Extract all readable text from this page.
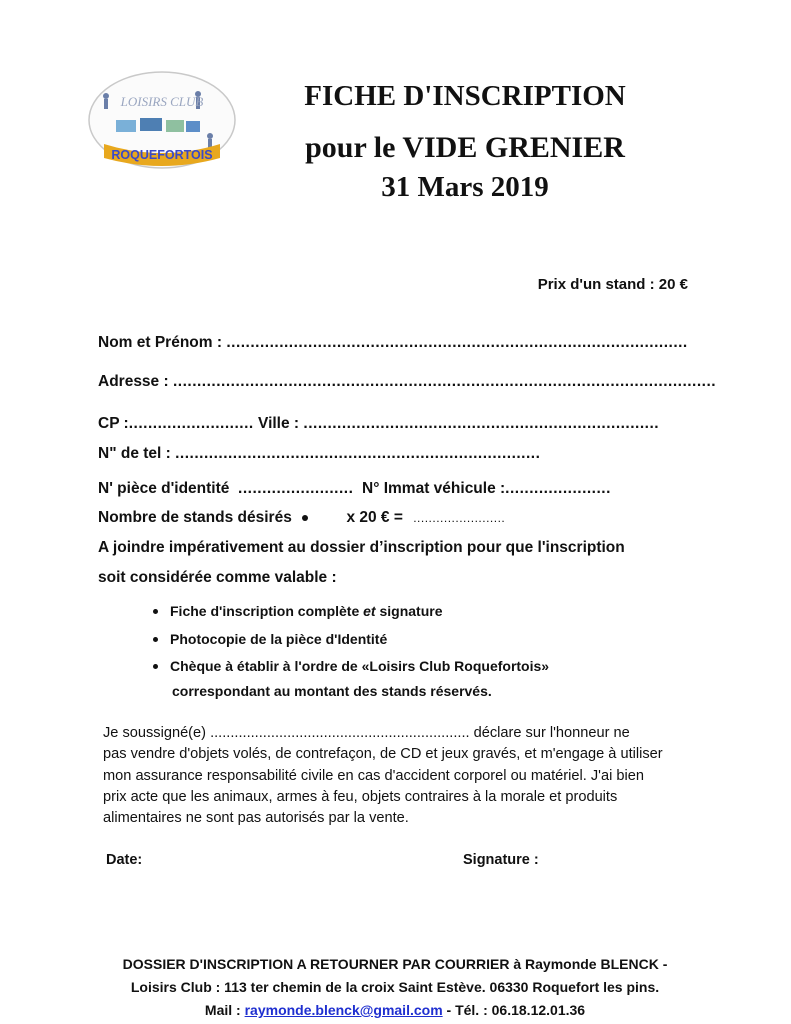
LOISIRS CLUB
ROQUEFORTOIS
FICHE D'INSCRIPTION
pour le VIDE GRENIER
31 Mars 2019
Prix d'un stand : 20 €
Nom et Prénom : ................................................................................................
Adresse : .................................................................................................................
CP :.......................... Ville : ..........................................................................
N" de tel : ............................................................................
N' pièce d'identité ........................ N° Immat véhicule :......................
Nombre de stands désirés	x 20 € = ........................
A joindre impérativement au dossier d’inscription pour que l'inscription
soit considérée comme valable :
Fiche d'inscription complète et signature
Photocopie de la pièce d'Identité
Chèque à établir à l'ordre de «Loisirs Club Roquefortois»
correspondant au montant des stands réservés.

Je soussigné(e) ................................................................ déclare sur l'honneur ne

pas vendre d'objets volés, de contrefaçon, de CD et jeux gravés, et m'engage à utiliser

mon assurance responsabilité civile en cas d'accident corporel ou matériel. J'ai bien

prix acte que les animaux, armes à feu, objets contraires à la morale et produits

alimentaires ne sont pas autorisés par la vente.

Date:	Signature :
DOSSIER D'INSCRIPTION A RETOURNER PAR COURRIER à Raymonde BLENCK -
Loisirs Club : 113 ter chemin de la croix Saint Estève. 06330 Roquefort les pins.
Mail : raymonde.blenck@gmail.com - Tél. : 06.18.12.01.36
